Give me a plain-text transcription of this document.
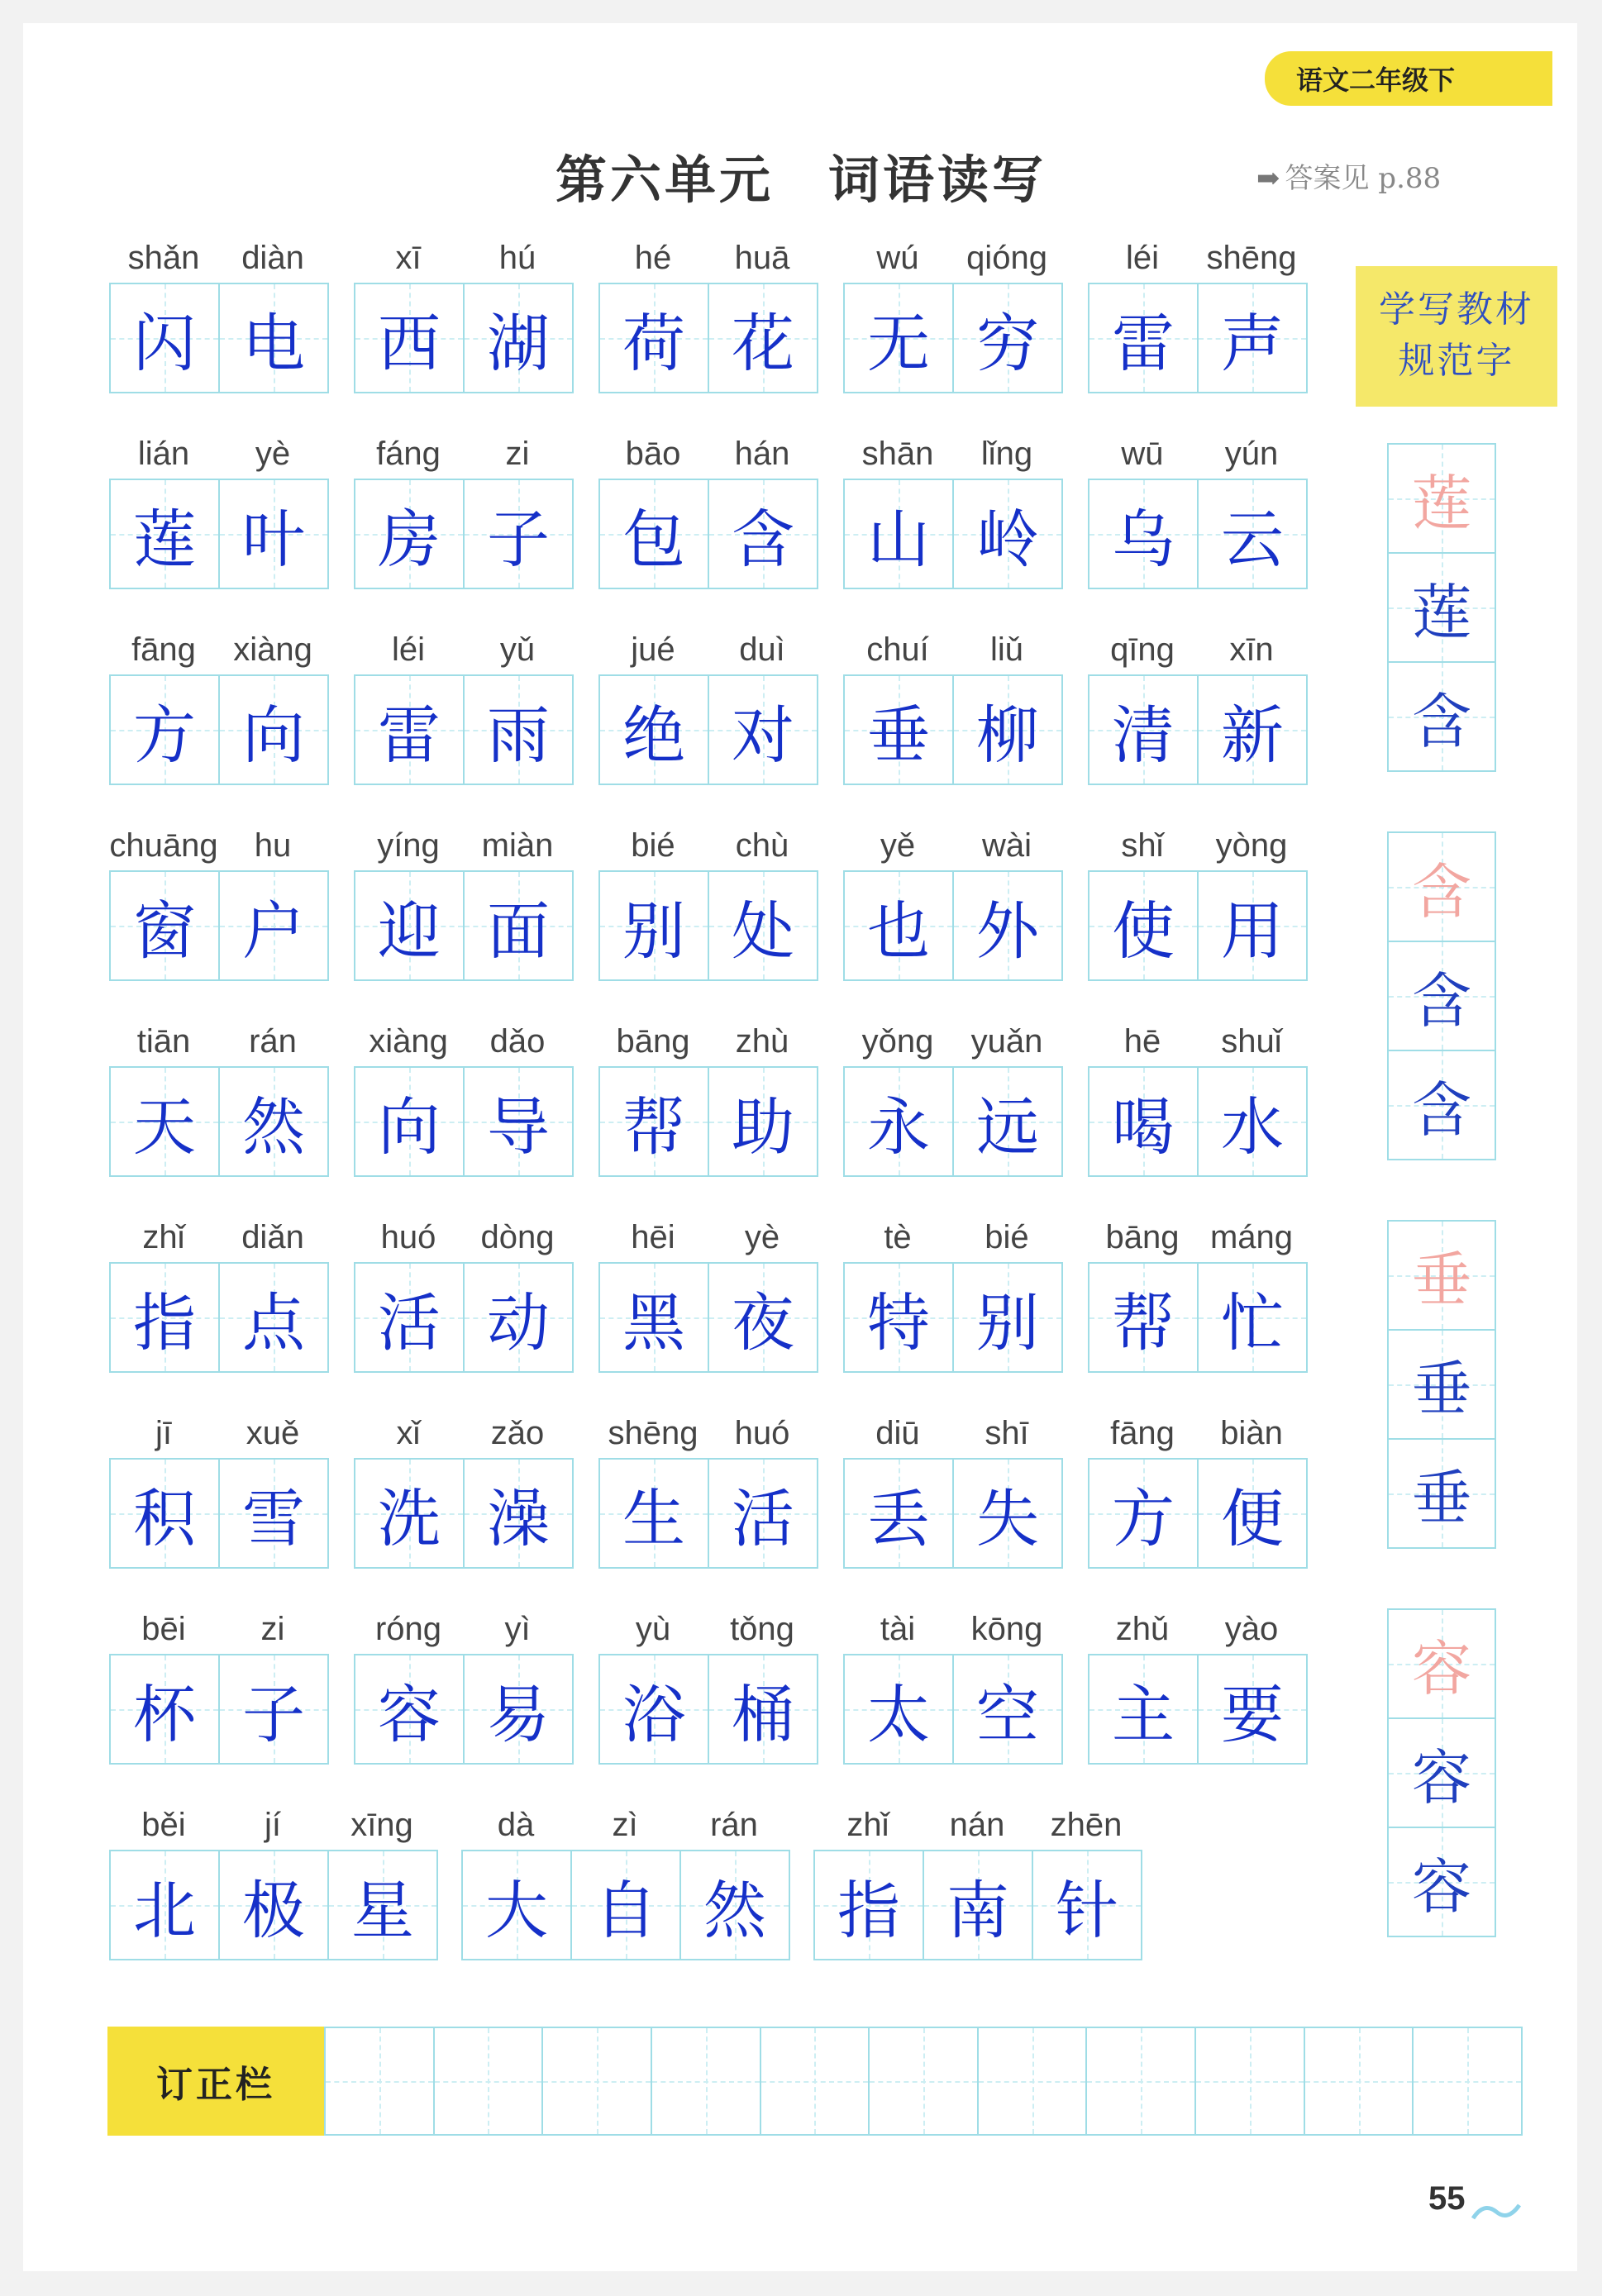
语文二年级下
第六单元　词语读写	➡ 答案见 p.88
shǎn	diàn
闪 电
xī	hú
西 湖
hé	huā
荷 花
wú	qióng
无 穷
léi	shēng
雷 声
lián	yè
莲 叶
fáng	zi
房 子
bāo	hán
包 含
shān	lǐng
山 岭
wū	yún
乌 云
fāng	xiàng
方 向
léi	yǔ
雷 雨
jué	duì
绝 对
chuí	liǔ
垂 柳
qīng	xīn
清 新
chuāng	hu
窗 户
yíng	miàn
迎 面
bié	chù
别 处
yě	wài
也 外
shǐ	yòng
使 用
tiān	rán
天 然
xiàng	dǎo
向 导
bāng	zhù
帮 助
yǒng	yuǎn
永 远
hē	shuǐ
喝 水
zhǐ	diǎn
指 点
huó	dòng
活 动
hēi	yè
黑 夜
tè	bié
特 别
bāng máng
帮 忙
jī	xuě
积 雪
xǐ	zǎo
洗 澡
shēng	huó
生 活
diū	shī
丢 失
fāng	biàn
方 便
bēi	zi
杯 子
róng	yì
容 易
yù	tǒng
浴 桶
tài	kōng
太 空
zhǔ	yào
主 要
běi	jí	xīng
北 极 星
dà	zì	rán
大 自 然
zhǐ	nán	zhēn
指 南 针
学写教材
规范字
莲
莲
含
含
含
含
垂
垂
垂
容
容
容
订正栏
55
